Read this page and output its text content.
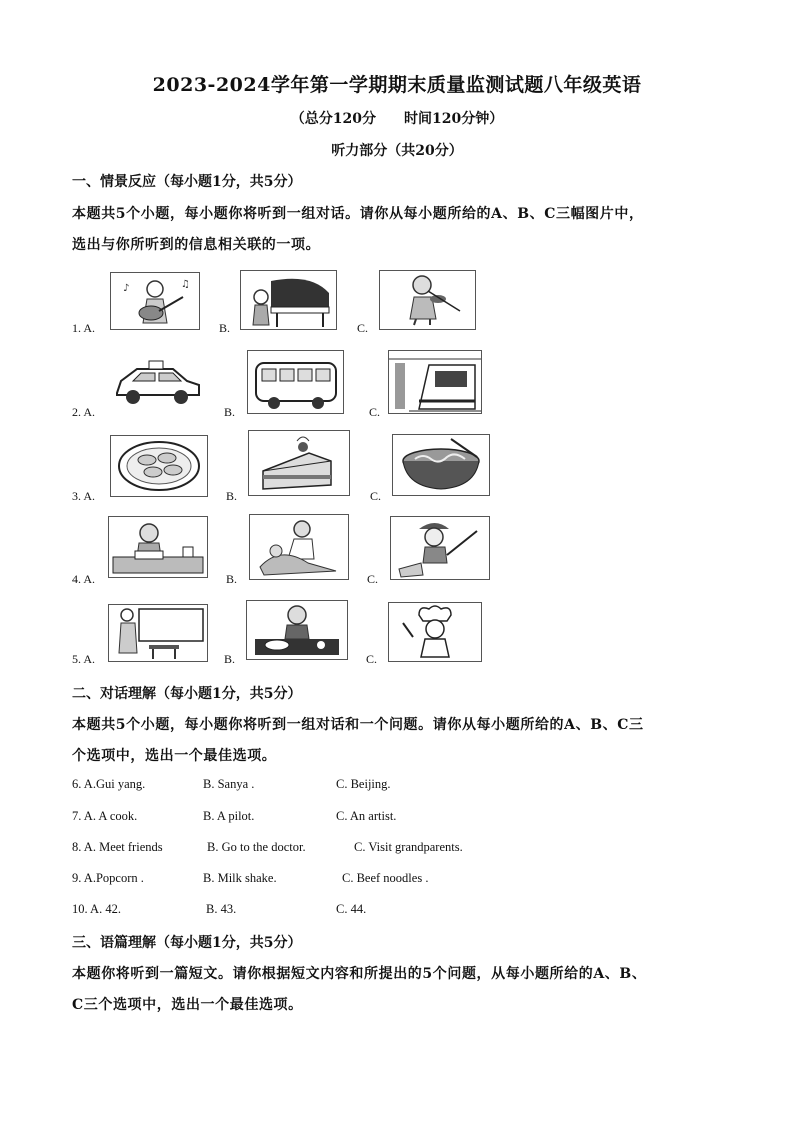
2023-2024学年第一学期期末质量监测试题八年级英语
（总分120分　　时间120分钟）
听力部分（共20分）
一、情景反应（每小题1分，共5分）
本题共5个小题，每小题你将听到一组对话。请你从每小题所给的A、B、C三幅图片中，
选出与你所听到的信息相关联的一项。
1. A.
♪	♫
B.	C.
2. A.	B.	C.
3. A.	B.	C.
4. A.	B.	C.
5. A.	B.	C.
二、对话理解（每小题1分，共5分）
本题共5个小题，每小题你将听到一组对话和一个问题。请你从每小题所给的A、B、C三
个选项中，选出一个最佳选项。
6. A.Gui yang.	B. Sanya .	C. Beijing.
7. A. A cook.	B. A pilot.	C. An artist.
8. A. Meet friends	B. Go to the doctor.	C. Visit grandparents.
9. A.Popcorn .	B. Milk shake.	C. Beef noodles .
10. A. 42.	B. 43.	C. 44.
三、语篇理解（每小题1分，共5分）
本题你将听到一篇短文。请你根据短文内容和所提出的5个问题，从每小题所给的A、B、
C三个选项中，选出一个最佳选项。
